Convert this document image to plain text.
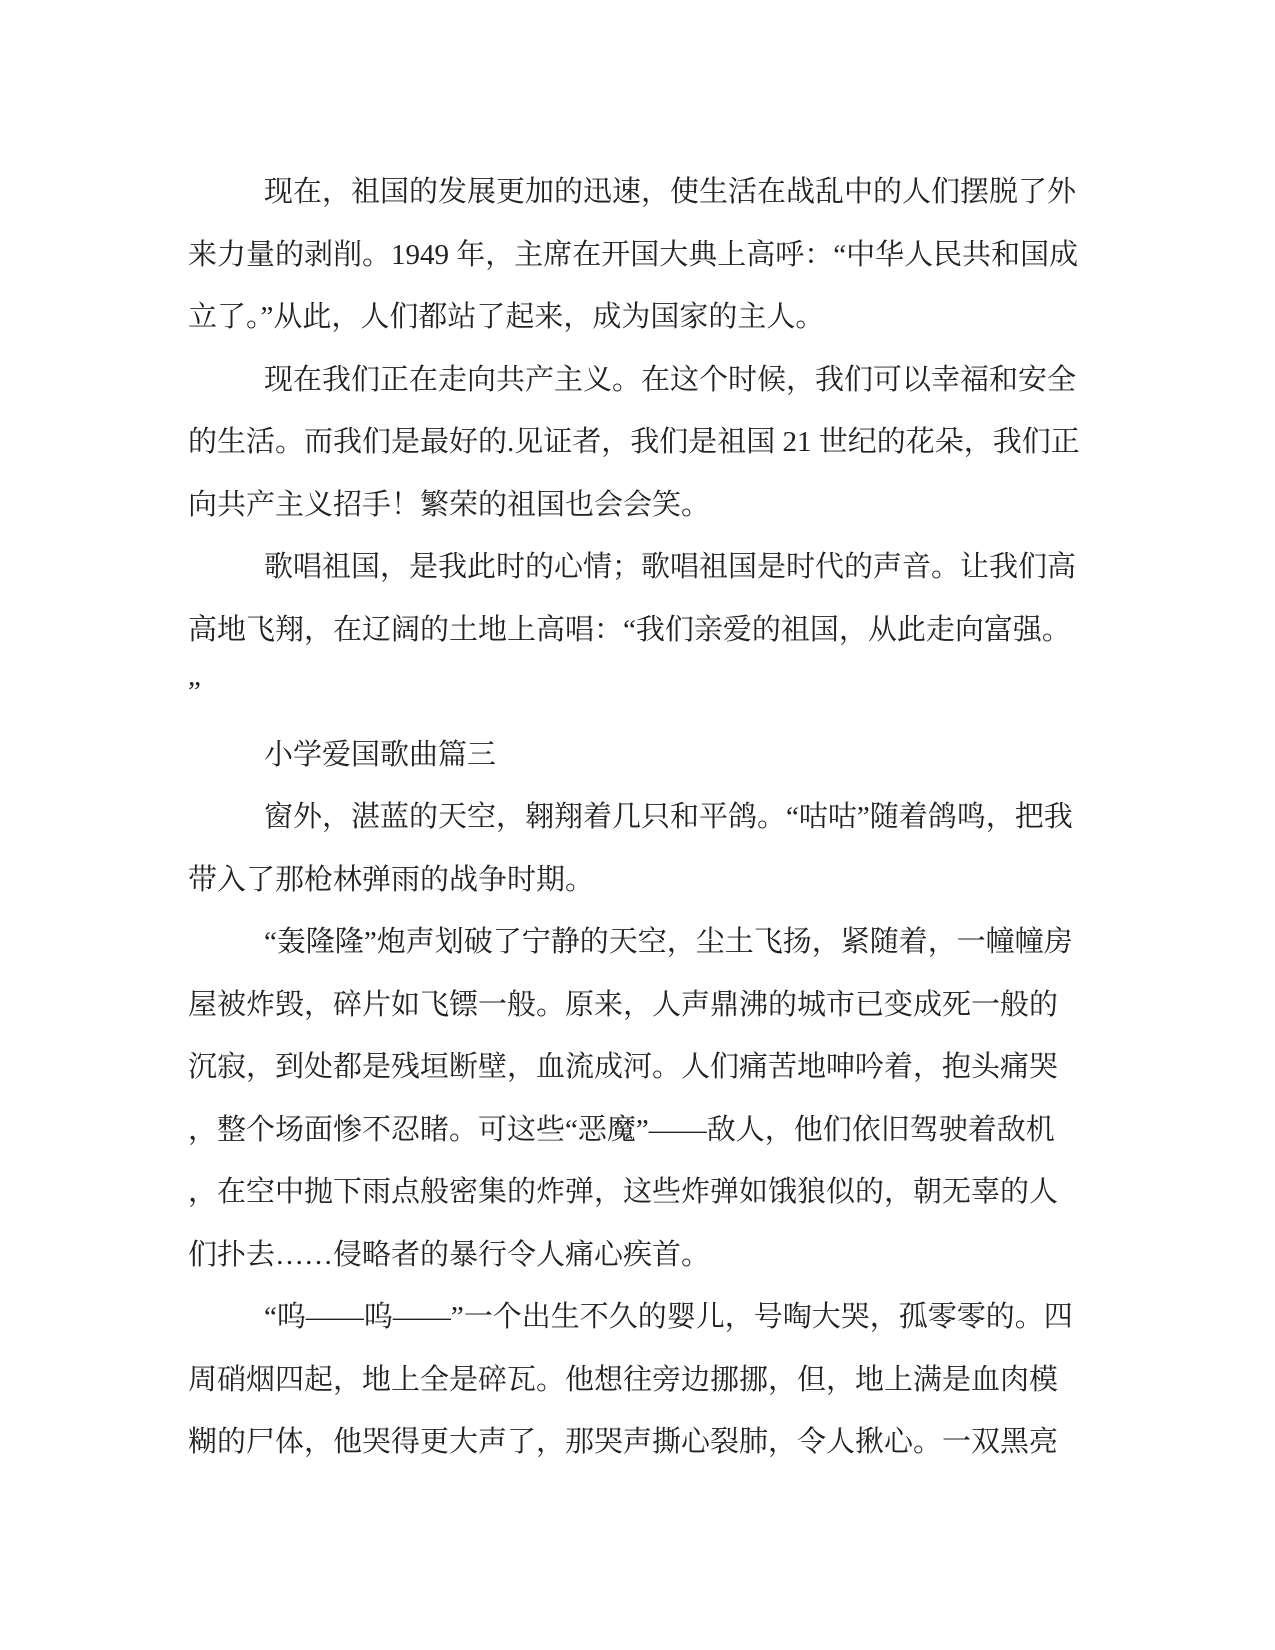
现在，祖国的发展更加的迅速，使生活在战乱中的人们摆脱了外
来力量的剥削。1949 年，主席在开国大典上高呼：“中华人民共和国成
立了。”从此，人们都站了起来，成为国家的主人。
现在我们正在走向共产主义。在这个时候，我们可以幸福和安全
的生活。而我们是最好的.见证者，我们是祖国 21 世纪的花朵，我们正
向共产主义招手！繁荣的祖国也会会笑。
歌唱祖国，是我此时的心情；歌唱祖国是时代的声音。让我们高
高地飞翔，在辽阔的土地上高唱：“我们亲爱的祖国，从此走向富强。
”
小学爱国歌曲篇三
窗外，湛蓝的天空，翱翔着几只和平鸽。“咕咕”随着鸽鸣，把我
带入了那枪林弹雨的战争时期。
“轰隆隆”炮声划破了宁静的天空，尘土飞扬，紧随着，一幢幢房
屋被炸毁，碎片如飞镖一般。原来，人声鼎沸的城市已变成死一般的
沉寂，到处都是残垣断壁，血流成河。人们痛苦地呻吟着，抱头痛哭
，整个场面惨不忍睹。可这些“恶魔”——敌人，他们依旧驾驶着敌机
，在空中抛下雨点般密集的炸弹，这些炸弹如饿狼似的，朝无辜的人
们扑去……侵略者的暴行令人痛心疾首。
“呜——呜——”一个出生不久的婴儿，号啕大哭，孤零零的。四
周硝烟四起，地上全是碎瓦。他想往旁边挪挪，但，地上满是血肉模
糊的尸体，他哭得更大声了，那哭声撕心裂肺，令人揪心。一双黑亮
